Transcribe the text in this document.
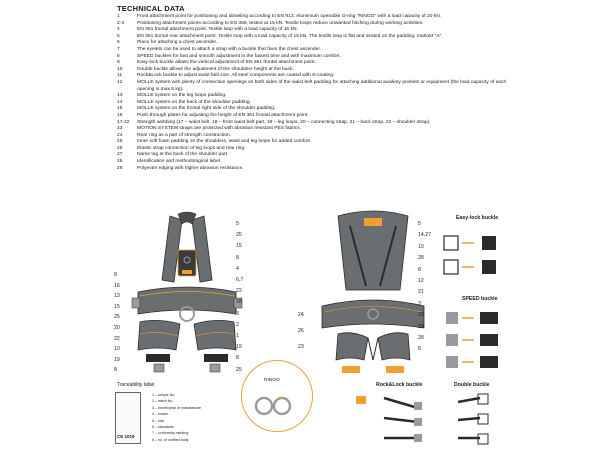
TECHNICAL DATA
1	Front attachment point for positioning and abseiling according to EN 813. Aluminium openable O-ring "RINGO" with a load capacity of 20 kN.
2-3	Positioning attachment points according to EN 358, tested at 15 kN. Textile loops reduce unwanted hitching during working activities.
4	EN 361 frontal attachment point. Textile loop with a load capacity of 15 kN.
5	EN 361 dorsal rear attachment point. Textile loop with a load capacity of 15 kN. The textile loop is flat and seated on the padding, marked "A".
6	Place for attaching a chest ascender.
7	The eyelets can be used to attach a strap with a buckle that fixes the chest ascender.
8	SPEED buckles for fast and smooth adjustment in the fastest time and with maximum comfort.
9	Easy-lock buckle allows the vertical adjustment of EN 361 frontal attachment point.
10	Double buckle allows the adjustment of the shoulders height at the back.
11	Rock&Lock buckle to adjust waist belt size. All steel components are coated with E-coating.
12	MOLLE system with plenty of connection openings on both sides of the waist belt padding for attaching additional auxiliary pockets or equipment (the load capacity of each opening is max.5 kg).
13	MOLLE system on the leg loops padding.
14	MOLLE system on the back of the shoulder padding.
15	MOLLE system on the frontal right side of the shoulder padding.
16	Push-through plates for adjusting the height of EN 361 frontal attachment point.
17-22	Strength webbing (17 – waist belt, 18 – front waist belt part, 19 – leg loops, 20 – connecting strap, 21 – back strap, 22 – shoulder strap).
23	MOTION SYSTEM straps are protected with abrasion resistant PES fabrics.
24	Rear ring as a part of strength construction.
25	Inner soft foam padding on the shoulders, waist and leg loops for added comfort.
26	Elastic strap connection of leg loops and rear ring.
27	Name tag at the back of the shoulder part.
28	Identification and methodological label.
29	Polyester edging with higher abrasion resistance.
8
16
13
15
25
20
22
10
19
8
5
25
15
8
4
6,7
22
18
3
2
1
19
8
25
24
26
23
5
14,27
10
28
8
12
21
3
23
29
28
5
Easy-lock buckle
SPEED buckle
Rock&Lock buckle	Double buckle
RINGO
Traceability label
CE 1019
1 – unique No.
2 – batch No.
3 – month/year of manufacture
4 – model
5 – size
6 – standards
7 – conformity marking
8 – no. of notified body
